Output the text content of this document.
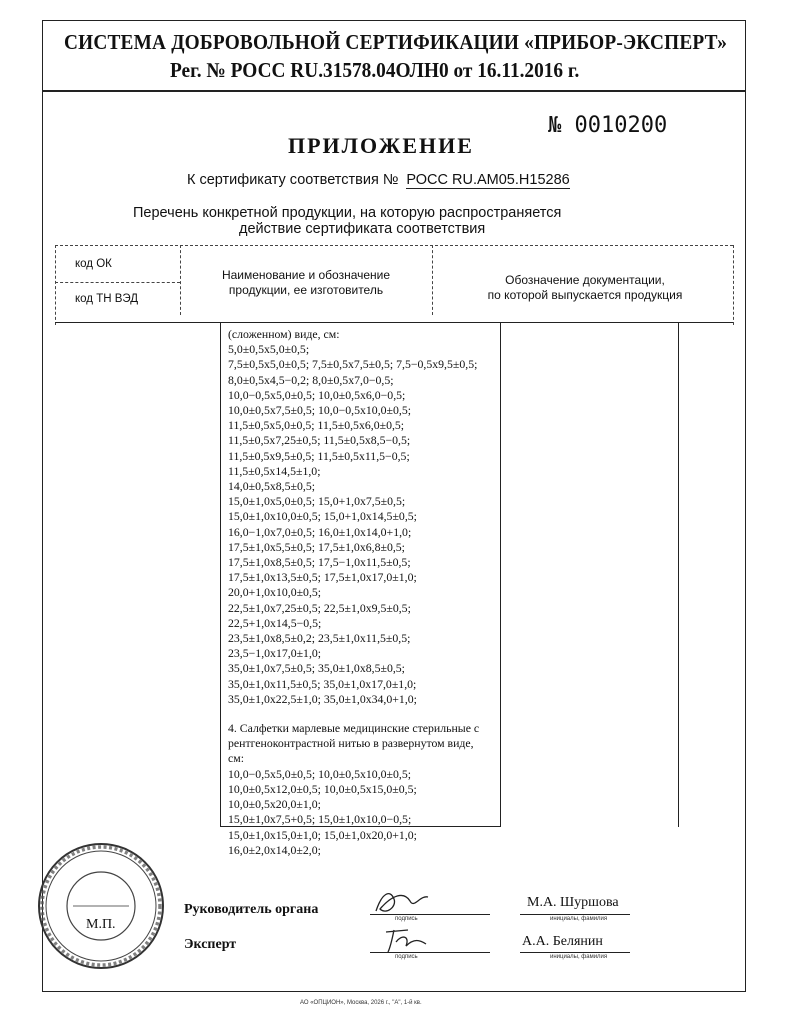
СИСТЕМА ДОБРОВОЛЬНОЙ СЕРТИФИКАЦИИ «ПРИБОР-ЭКСПЕРТ»
Рег. № РОСС RU.31578.04ОЛН0 от 16.11.2016 г.
№ 0010200
ПРИЛОЖЕНИЕ
К сертификату соответствия № РОСС RU.АМ05.Н15286
Перечень конкретной продукции, на которую распространяется
действие сертификата соответствия
код ОК
код ТН ВЭД
Наименование и обозначение
продукции, ее изготовитель
Обозначение документации,
по которой выпускается продукция
(сложенном) виде, см:
5,0±0,5х5,0±0,5;
7,5±0,5х5,0±0,5; 7,5±0,5х7,5±0,5; 7,5−0,5х9,5±0,5;
8,0±0,5х4,5−0,2; 8,0±0,5х7,0−0,5;
10,0−0,5х5,0±0,5; 10,0±0,5х6,0−0,5;
10,0±0,5х7,5±0,5; 10,0−0,5х10,0±0,5;
11,5±0,5х5,0±0,5; 11,5±0,5х6,0±0,5;
11,5±0,5х7,25±0,5; 11,5±0,5х8,5−0,5;
11,5±0,5х9,5±0,5; 11,5±0,5х11,5−0,5;
11,5±0,5х14,5±1,0;
14,0±0,5х8,5±0,5;
15,0±1,0х5,0±0,5; 15,0+1,0х7,5±0,5;
15,0±1,0х10,0±0,5; 15,0+1,0х14,5±0,5;
16,0−1,0х7,0±0,5; 16,0±1,0х14,0+1,0;
17,5±1,0х5,5±0,5; 17,5±1,0х6,8±0,5;
17,5±1,0х8,5±0,5; 17,5−1,0х11,5±0,5;
17,5±1,0х13,5±0,5; 17,5±1,0х17,0±1,0;
20,0+1,0х10,0±0,5;
22,5±1,0х7,25±0,5; 22,5±1,0х9,5±0,5;
22,5+1,0х14,5−0,5;
23,5±1,0х8,5±0,2; 23,5±1,0х11,5±0,5;
23,5−1,0х17,0±1,0;
35,0±1,0х7,5±0,5; 35,0±1,0х8,5±0,5;
35,0±1,0х11,5±0,5; 35,0±1,0х17,0±1,0;
35,0±1,0х22,5±1,0; 35,0±1,0х34,0+1,0;
4. Салфетки марлевые медицинские стерильные с
рентгеноконтрастной нитью в развернутом виде,
см:
10,0−0,5х5,0±0,5; 10,0±0,5х10,0±0,5;
10,0±0,5х12,0±0,5; 10,0±0,5х15,0±0,5;
10,0±0,5х20,0±1,0;
15,0±1,0х7,5+0,5; 15,0±1,0х10,0−0,5;
15,0±1,0х15,0±1,0; 15,0±1,0х20,0+1,0;
16,0±2,0х14,0±2,0;
М.П.
Руководитель органа
подпись
М.А. Шуршова
инициалы, фамилия
Эксперт
подпись
А.А. Белянин
инициалы, фамилия
АО «ОПЦИОН», Москва, 2026 г., "А", 1-й кв.
